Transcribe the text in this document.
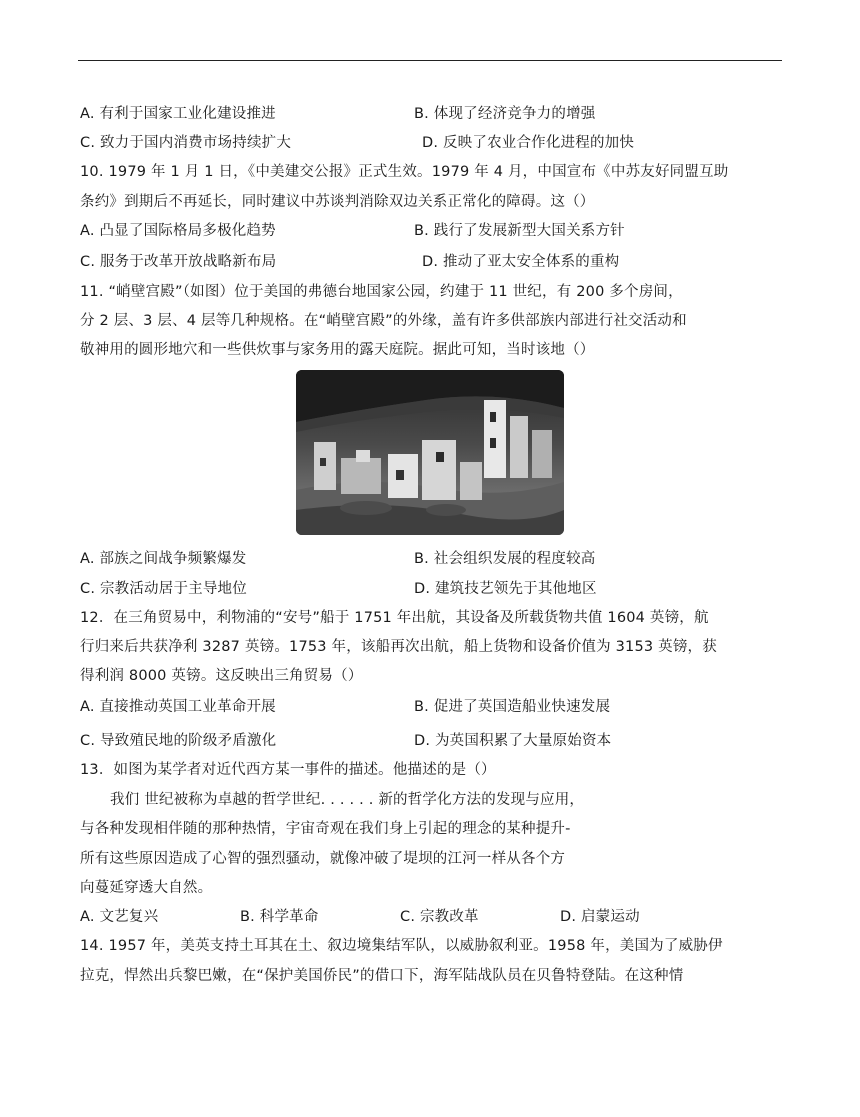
A. 有利于国家工业化建设推进	B. 体现了经济竞争力的增强
C. 致力于国内消费市场持续扩大	D. 反映了农业合作化进程的加快
10. 1979 年 1 月 1 日，《中美建交公报》正式生效。1979 年 4 月，中国宣布《中苏友好同盟互助
条约》到期后不再延长，同时建议中苏谈判消除双边关系正常化的障碍。这（）
A. 凸显了国际格局多极化趋势	B. 践行了发展新型大国关系方针
C. 服务于改革开放战略新布局	D. 推动了亚太安全体系的重构
11. “峭壁宫殿”（如图）位于美国的弗德台地国家公园，约建于 11 世纪，有 200 多个房间，
分 2 层、3 层、4 层等几种规格。在“峭壁宫殿”的外缘，盖有许多供部族内部进行社交活动和
敬神用的圆形地穴和一些供炊事与家务用的露天庭院。据此可知，当时该地（）
A. 部族之间战争频繁爆发	B. 社会组织发展的程度较高
C. 宗教活动居于主导地位	D. 建筑技艺领先于其他地区
12．在三角贸易中，利物浦的“安号”船于 1751 年出航，其设备及所载货物共值 1604 英镑，航
行归来后共获净利 3287 英镑。1753 年，该船再次出航，船上货物和设备价值为 3153 英镑，获
得利润 8000 英镑。这反映出三角贸易（）
A. 直接推动英国工业革命开展	B. 促进了英国造船业快速发展
C. 导致殖民地的阶级矛盾激化	D. 为英国积累了大量原始资本
13．如图为某学者对近代西方某一事件的描述。他描述的是（）
我们 世纪被称为卓越的哲学世纪. . . . . . 新的哲学化方法的发现与应用，
与各种发现相伴随的那种热情，宇宙奇观在我们身上引起的理念的某种提升-
所有这些原因造成了心智的强烈骚动，就像冲破了堤坝的江河一样从各个方
向蔓延穿透大自然。
A. 文艺复兴	B. 科学革命	C. 宗教改革	D. 启蒙运动
14. 1957 年，美英支持土耳其在土、叙边境集结军队，以威胁叙利亚。1958 年，美国为了威胁伊
拉克，悍然出兵黎巴嫩，在“保护美国侨民”的借口下，海军陆战队员在贝鲁特登陆。在这种情
